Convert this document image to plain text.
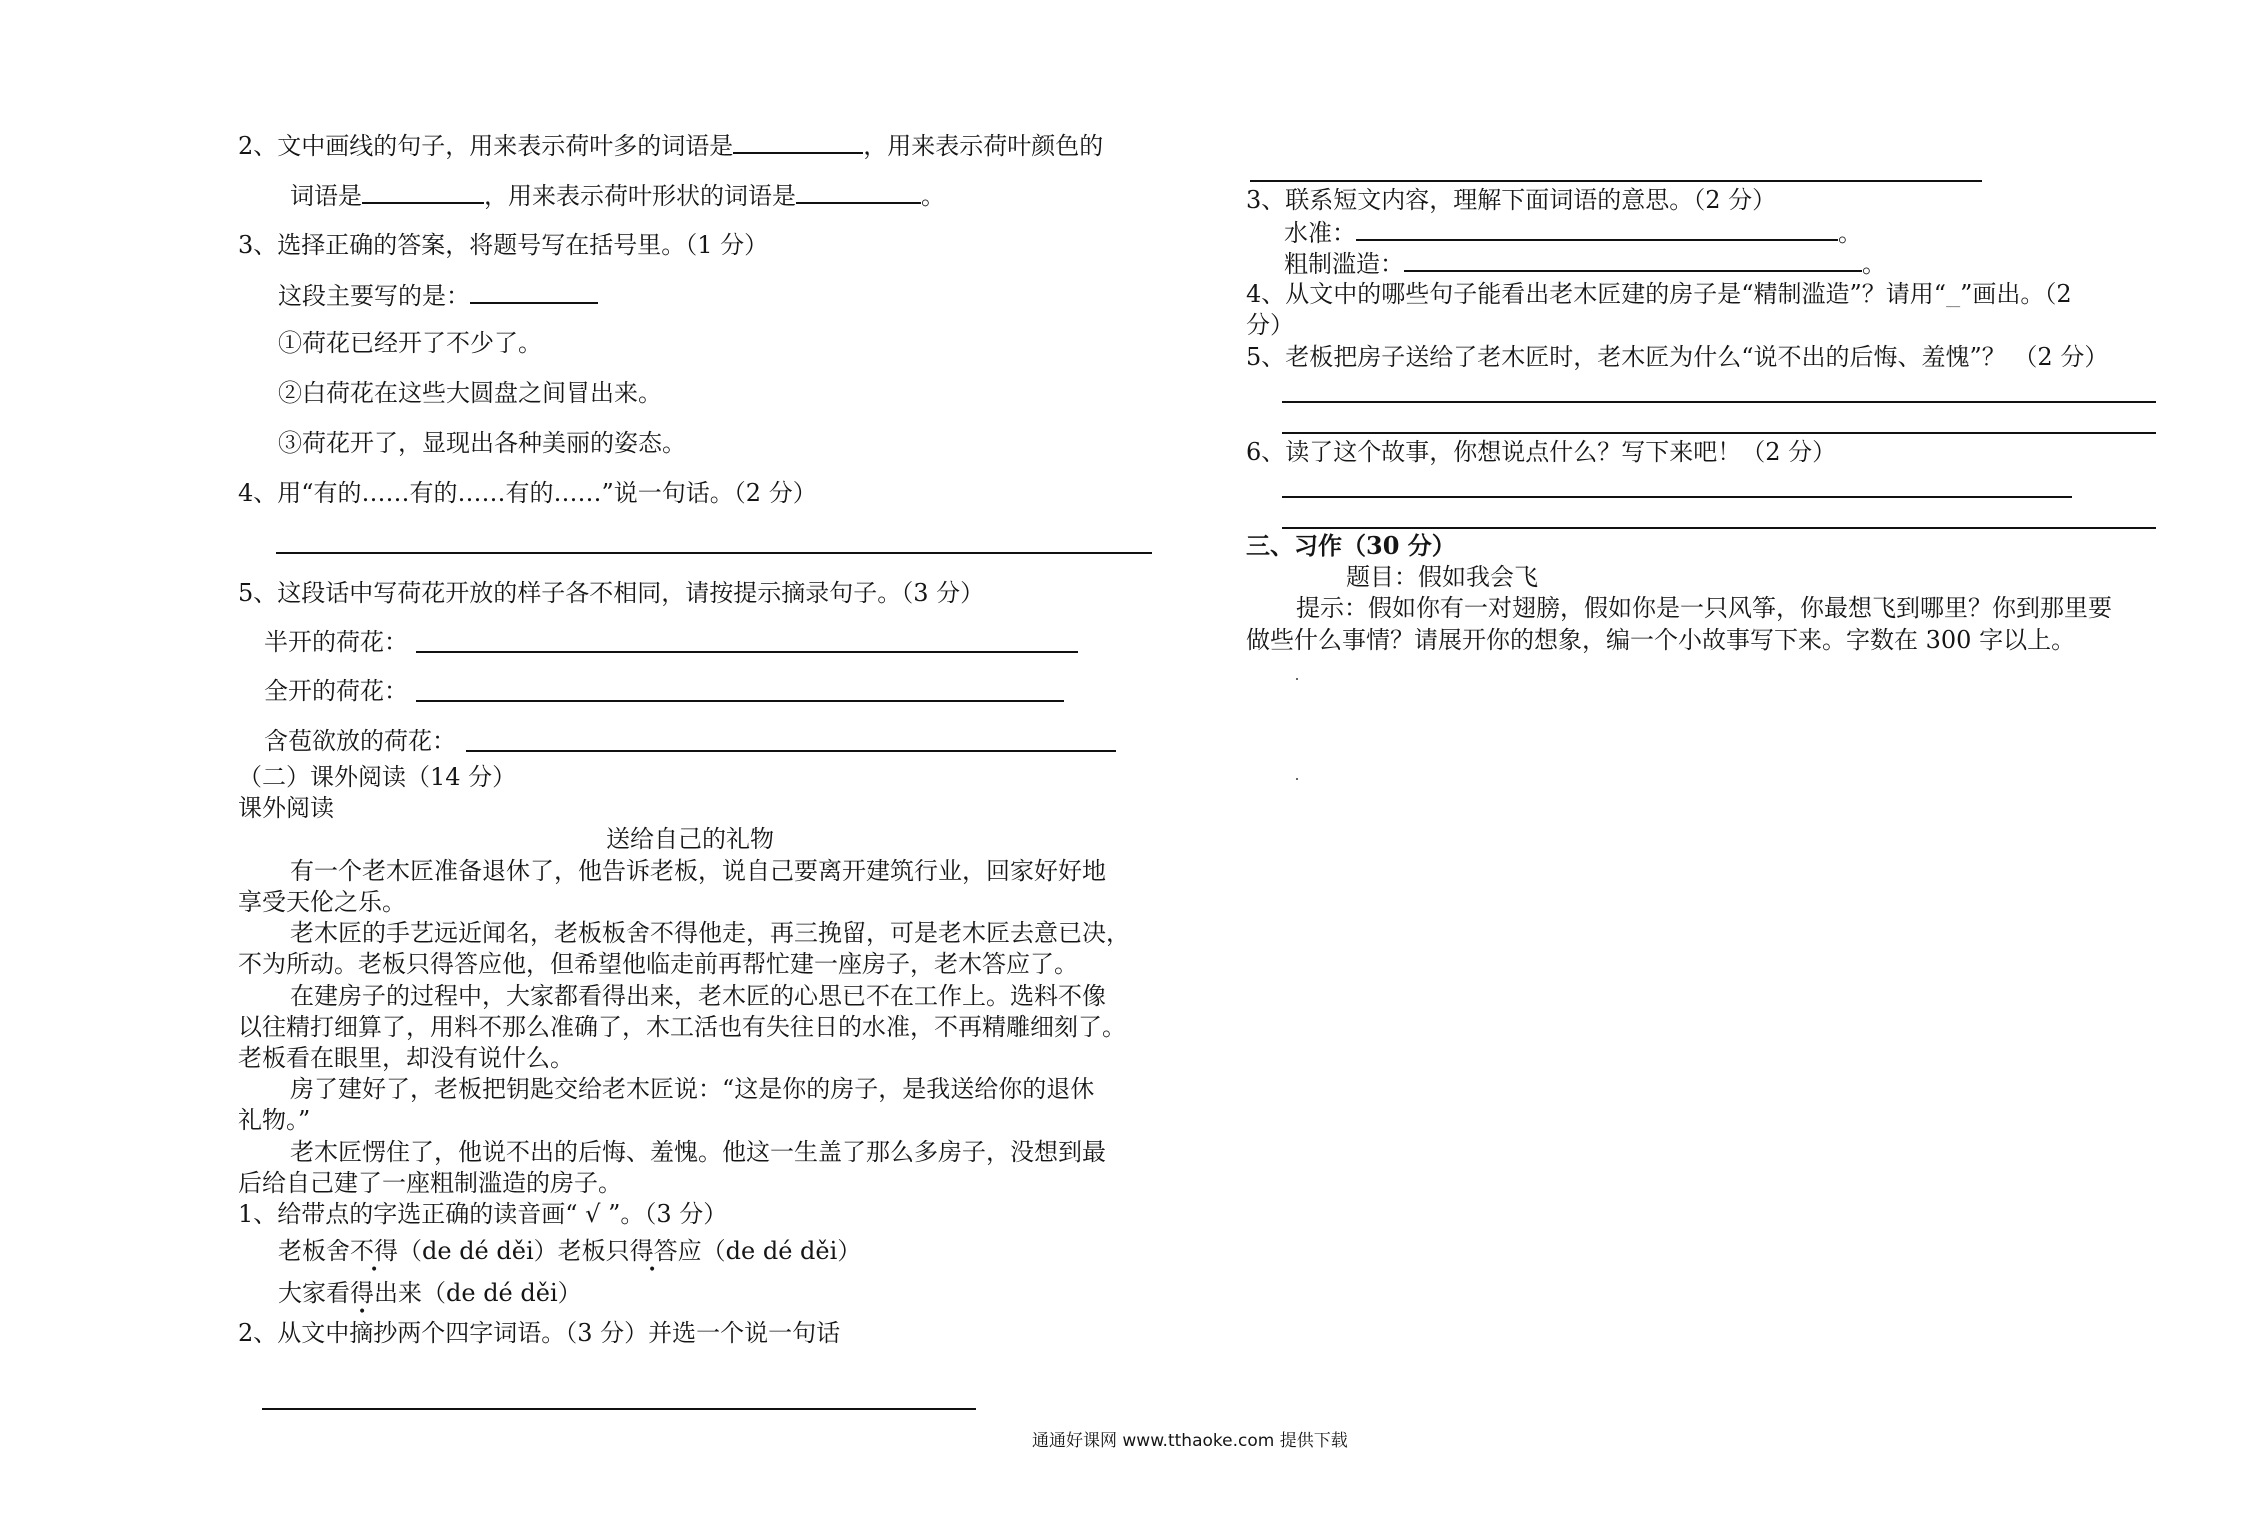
2、文中画线的句子，用来表示荷叶多的词语是	，用来表示荷叶颜色的
词语是	，用来表示荷叶形状的词语是	。
3、选择正确的答案，将题号写在括号里。（1 分）
这段主要写的是：
①荷花已经开了不少了。
②白荷花在这些大圆盘之间冒出来。
③荷花开了，显现出各种美丽的姿态。
4、用“有的……有的……有的……”说一句话。（2 分）
5、这段话中写荷花开放的样子各不相同，请按提示摘录句子。（3 分）
半开的荷花：
全开的荷花：
含苞欲放的荷花：
（二）课外阅读（14 分）
课外阅读
送给自己的礼物
有一个老木匠准备退休了，他告诉老板，说自己要离开建筑行业，回家好好地
享受天伦之乐。
老木匠的手艺远近闻名，老板板舍不得他走，再三挽留，可是老木匠去意已决，
不为所动。老板只得答应他，但希望他临走前再帮忙建一座房子，老木答应了。
在建房子的过程中，大家都看得出来，老木匠的心思已不在工作上。选料不像
以往精打细算了，用料不那么准确了，木工活也有失往日的水准，不再精雕细刻了。
老板看在眼里，却没有说什么。
房了建好了，老板把钥匙交给老木匠说：“这是你的房子，是我送给你的退休
礼物。”
老木匠愣住了，他说不出的后悔、羞愧。他这一生盖了那么多房子，没想到最
后给自己建了一座粗制滥造的房子。
1、给带点的字选正确的读音画“ √ ”。（3 分）
老板舍不得（de dé děi）老板只得答应（de dé děi）
•	•
大家看得出来（de dé děi）
•
2、从文中摘抄两个四字词语。（3 分）并选一个说一句话
3、联系短文内容，理解下面词语的意思。（2 分）
水准：	。
粗制滥造：	。
4、从文中的哪些句子能看出老木匠建的房子是“精制滥造”？请用“__”画出。（2
分）
5、老板把房子送给了老木匠时，老木匠为什么“说不出的后悔、羞愧”？ （2 分）
6、读了这个故事，你想说点什么？写下来吧！（2 分）
三、习作（30 分）
题目：假如我会飞
提示：假如你有一对翅膀，假如你是一只风筝，你最想飞到哪里？你到那里要
做些什么事情？请展开你的想象，编一个小故事写下来。字数在 300 字以上。
通通好课网 www.tthaoke.com 提供下载
